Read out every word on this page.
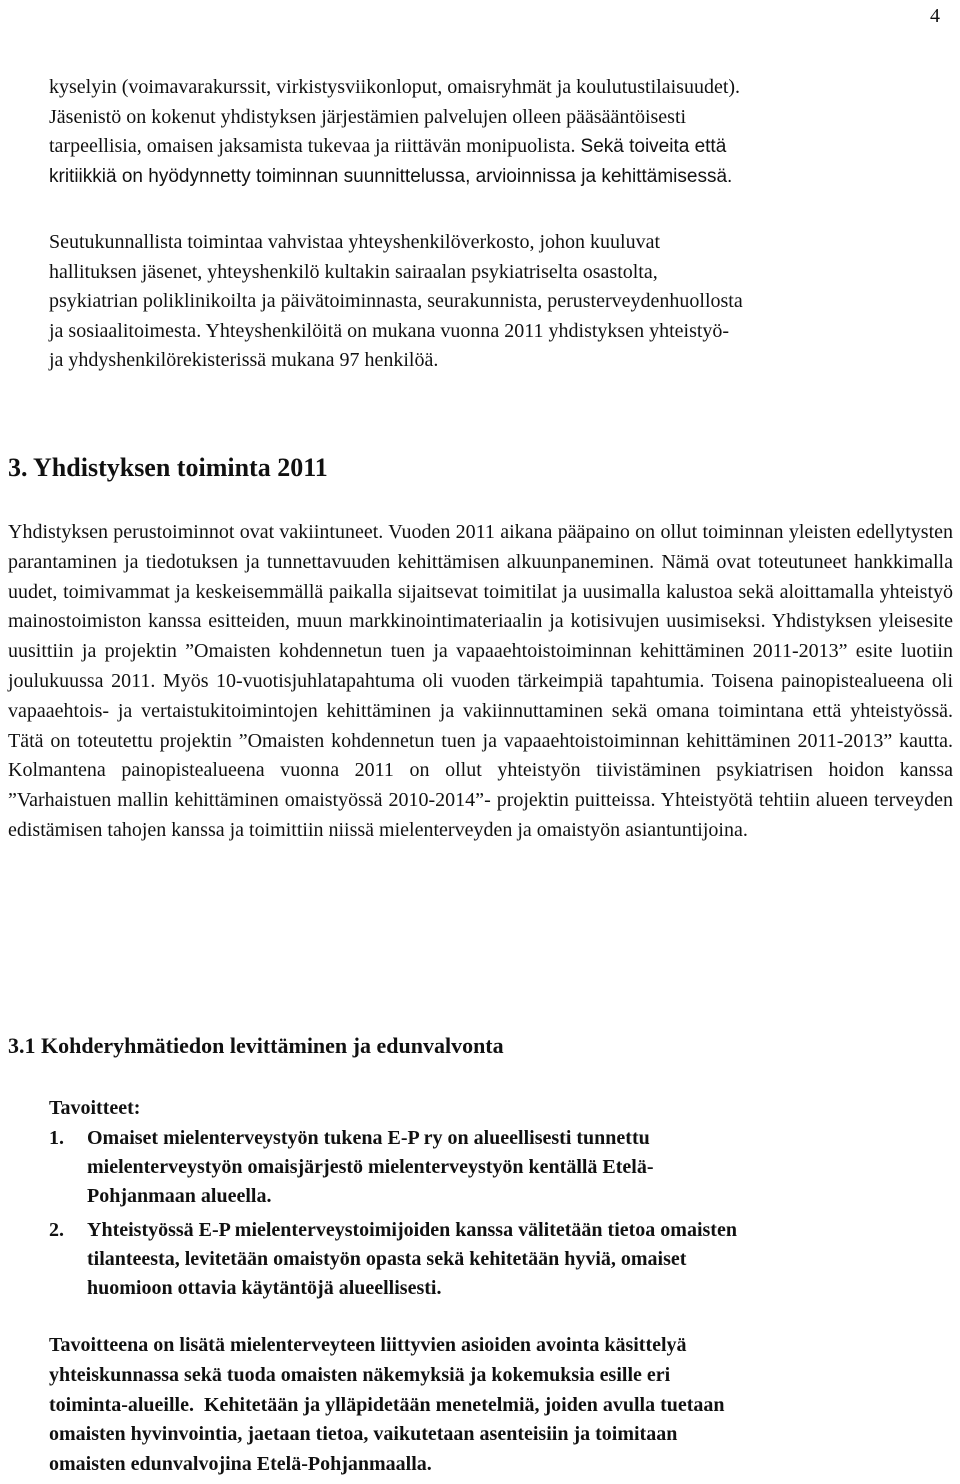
4
kyselyin (voimavarakurssit, virkistysviikonloput, omaisryhmät ja koulutustilaisuudet).
Jäsenistö on kokenut yhdistyksen järjestämien palvelujen olleen pääsääntöisesti
tarpeellisia, omaisen jaksamista tukevaa ja riittävän monipuolista. Sekä toiveita että
kritiikkiä on hyödynnetty toiminnan suunnittelussa, arvioinnissa ja kehittämisessä.
Seutukunnallista toimintaa vahvistaa yhteyshenkilöverkosto, johon kuuluvat
hallituksen jäsenet, yhteyshenkilö kultakin sairaalan psykiatriselta osastolta,
psykiatrian poliklinikoilta ja päivätoiminnasta, seurakunnista, perusterveydenhuollosta
ja sosiaalitoimesta. Yhteyshenkilöitä on mukana vuonna 2011 yhdistyksen yhteistyö-
ja yhdyshenkilörekisterissä mukana 97 henkilöä.
3. Yhdistyksen toiminta 2011

Yhdistyksen perustoiminnot ovat vakiintuneet. Vuoden 2011 aikana pääpaino on ollut toiminnan yleisten edellytysten parantaminen ja tiedotuksen ja tunnettavuuden kehittämisen alkuunpaneminen. Nämä ovat toteutuneet hankkimalla uudet, toimivammat ja keskeisemmällä paikalla sijaitsevat toimitilat ja uusimalla kalustoa sekä aloittamalla yhteistyö mainostoimiston kanssa esitteiden, muun markkinointimateriaalin ja kotisivujen uusimiseksi. Yhdistyksen yleisesite uusittiin ja projektin ”Omaisten kohdennetun tuen ja vapaaehtoistoiminnan kehittäminen 2011-2013” esite luotiin joulukuussa 2011. Myös 10-vuotisjuhlatapahtuma oli vuoden tärkeimpiä tapahtumia. Toisena painopistealueena oli vapaaehtois- ja vertaistukitoimintojen kehittäminen ja vakiinnuttaminen sekä omana toimintana että yhteistyössä. Tätä on toteutettu projektin ”Omaisten kohdennetun tuen ja vapaaehtoistoiminnan kehittäminen 2011-2013” kautta. Kolmantena painopistealueena vuonna 2011 on ollut yhteistyön tiivistäminen psykiatrisen hoidon kanssa ”Varhaistuen mallin kehittäminen omaistyössä 2010-2014”- projektin puitteissa. Yhteistyötä tehtiin alueen terveyden edistämisen tahojen kanssa ja toimittiin niissä mielenterveyden ja omaistyön asiantuntijoina.

3.1 Kohderyhmätiedon levittäminen ja edunvalvonta
Tavoitteet:
1. Omaiset mielenterveystyön tukena E-P ry on alueellisesti tunnettu
mielenterveystyön omaisjärjestö mielenterveystyön kentällä Etelä-
Pohjanmaan alueella.
2. Yhteistyössä E-P mielenterveystoimijoiden kanssa välitetään tietoa omaisten
tilanteesta, levitetään omaistyön opasta sekä kehitetään hyviä, omaiset
huomioon ottavia käytäntöjä alueellisesti.
Tavoitteena on lisätä mielenterveyteen liittyvien asioiden avointa käsittelyä
yhteiskunnassa sekä tuoda omaisten näkemyksiä ja kokemuksia esille eri
toiminta-alueille.  Kehitetään ja ylläpidetään menetelmiä, joiden avulla tuetaan
omaisten hyvinvointia, jaetaan tietoa, vaikutetaan asenteisiin ja toimitaan
omaisten edunvalvojina Etelä-Pohjanmaalla.
